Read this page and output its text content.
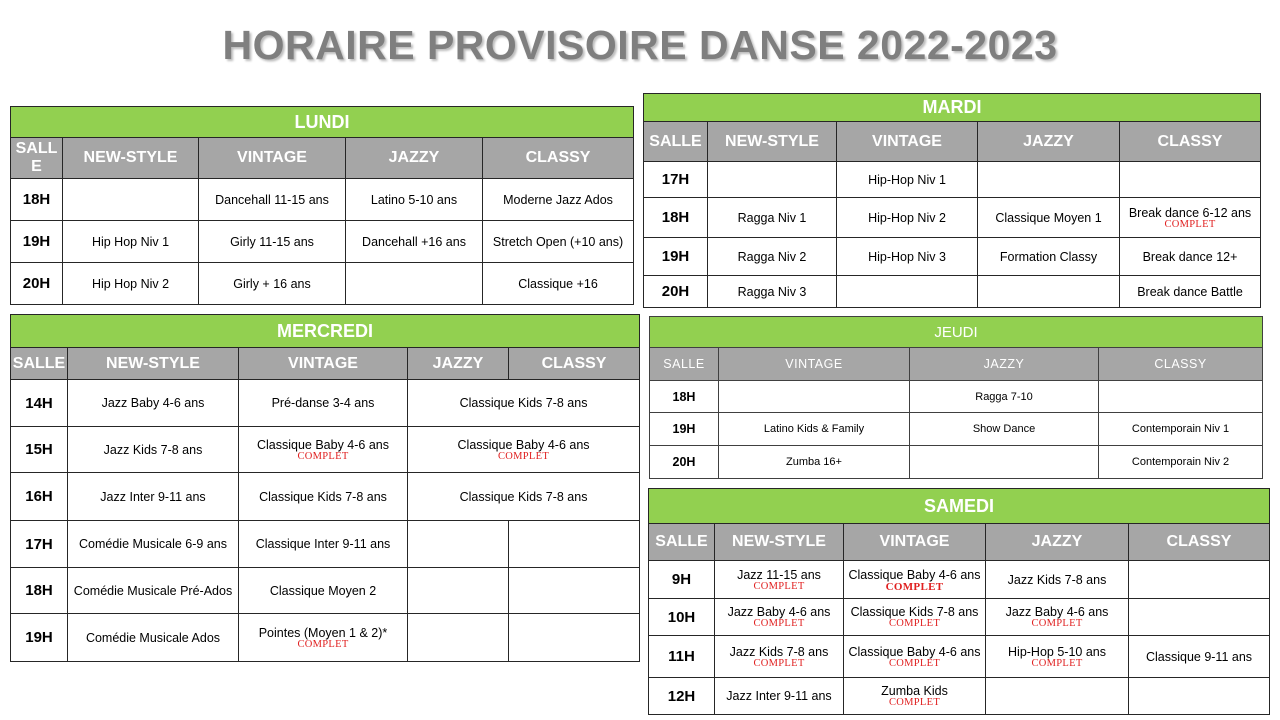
HORAIRE PROVISOIRE DANSE 2022-2023
LUNDI				
SALL
E	NEW-STYLE	VINTAGE	JAZZY	CLASSY
18H		Dancehall 11-15 ans	Latino 5-10 ans	Moderne Jazz Ados

19H	Hip Hop Niv 1	Girly 11-15 ans	Dancehall +16 ans	Stretch Open (+10 ans)

20H	Hip Hop Niv 2	Girly + 16 ans		Classique +16
MARDI				
SALLE	NEW-STYLE	VINTAGE	JAZZY	CLASSY
17H		Hip-Hop Niv 1		

18H	Ragga Niv 1	Hip-Hop Niv 2	Classique Moyen 1	Break dance 6-12 ans
COMPLET

19H	Ragga Niv 2	Hip-Hop Niv 3	Formation Classy	Break dance 12+

20H	Ragga Niv 3			Break dance Battle
MERCREDI				
SALLE	NEW-STYLE	VINTAGE	JAZZY	CLASSY
14H	Jazz Baby 4-6 ans	Pré-danse 3-4 ans	Classique Kids 7-8 ans	

15H	Jazz Kids 7-8 ans	Classique Baby 4-6 ans
COMPLET	Classique Baby 4-6 ans
COMPLET	

16H	Jazz Inter 9-11 ans	Classique Kids 7-8 ans	Classique Kids 7-8 ans	

17H	Comédie Musicale 6-9 ans	Classique Inter 9-11 ans		

18H	Comédie Musicale Pré-Ados	Classique Moyen 2		

19H	Comédie Musicale Ados	Pointes (Moyen 1 & 2)*
COMPLET		

JEUDI			
SALLE	VINTAGE	JAZZY	CLASSY
18H		Ragga 7-10	

19H	Latino Kids & Family	Show Dance	Contemporain Niv 1

20H	Zumba 16+		Contemporain Niv 2
SAMEDI				
SALLE	NEW-STYLE	VINTAGE	JAZZY	CLASSY
9H	Jazz 11-15 ans
COMPLET	Classique Baby 4-6 ans
COMPLET	Jazz Kids 7-8 ans	

10H	Jazz Baby 4-6 ans
COMPLET	Classique Kids 7-8 ans
COMPLET	Jazz Baby 4-6 ans
COMPLET	

11H	Jazz Kids 7-8 ans
COMPLET	Classique Baby 4-6 ans
COMPLET	Hip-Hop 5-10 ans
COMPLET	Classique 9-11 ans

12H	Jazz Inter 9-11 ans	Zumba Kids
COMPLET		
